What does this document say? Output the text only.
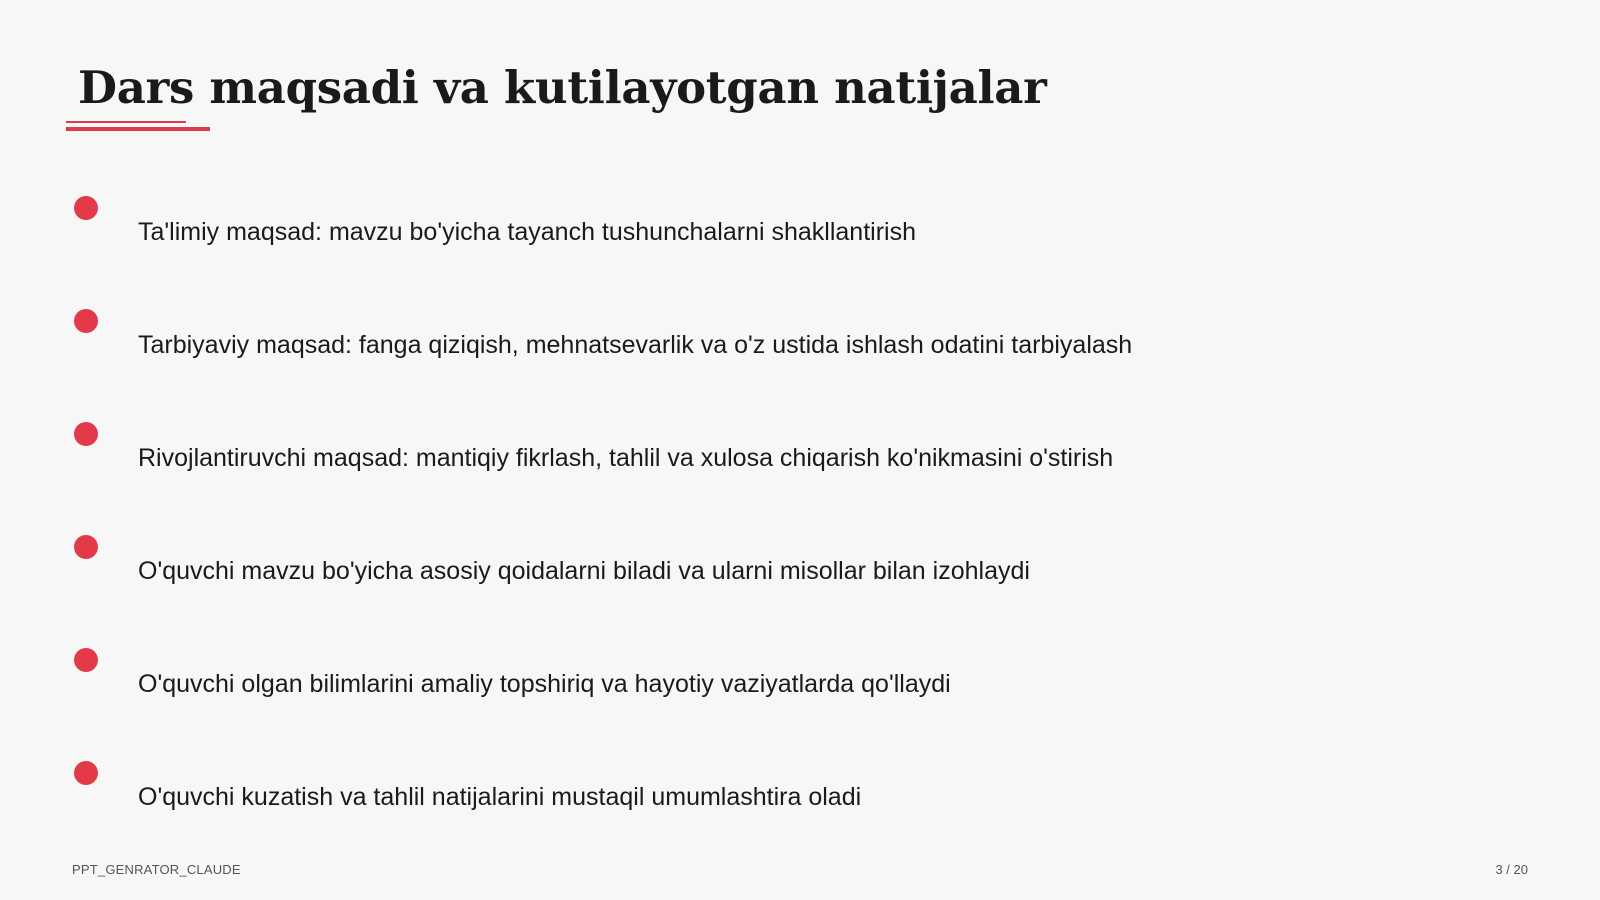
Dars maqsadi va kutilayotgan natijalar
Ta'limiy maqsad: mavzu bo'yicha tayanch tushunchalarni shakllantirish
Tarbiyaviy maqsad: fanga qiziqish, mehnatsevarlik va o'z ustida ishlash odatini tarbiyalash
Rivojlantiruvchi maqsad: mantiqiy fikrlash, tahlil va xulosa chiqarish ko'nikmasini o'stirish
O'quvchi mavzu bo'yicha asosiy qoidalarni biladi va ularni misollar bilan izohlaydi
O'quvchi olgan bilimlarini amaliy topshiriq va hayotiy vaziyatlarda qo'llaydi
O'quvchi kuzatish va tahlil natijalarini mustaqil umumlashtira oladi
PPT_GENRATOR_CLAUDE	3 / 20
